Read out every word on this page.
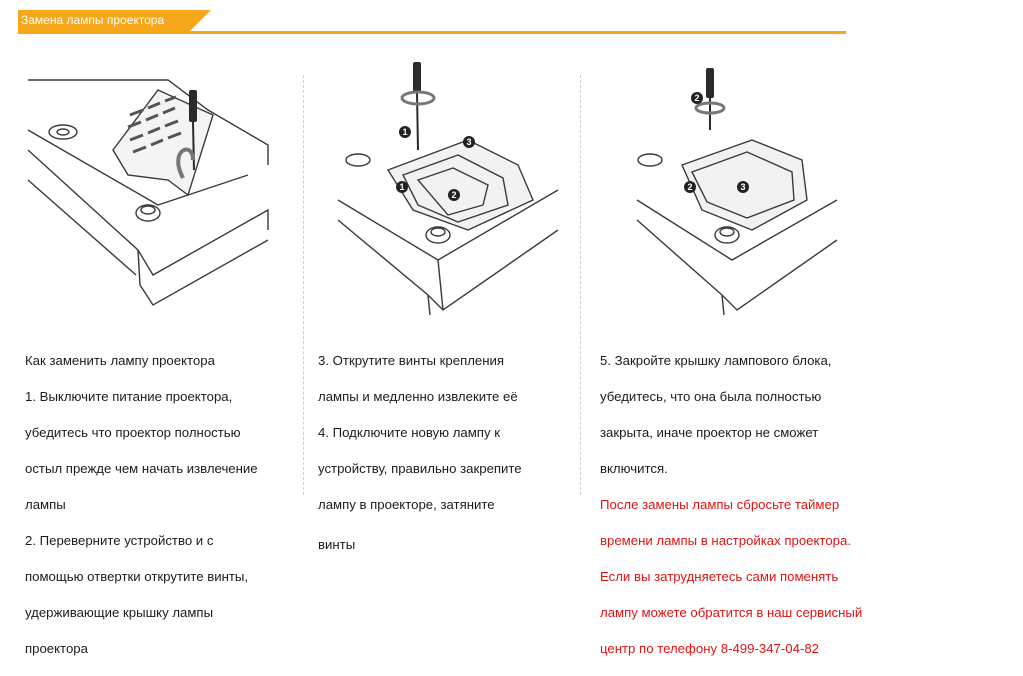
Замена лампы проектора
1
1
2
3
2
2	3

Как заменить лампу проектора

1. Выключите питание проектора,

убедитесь что проектор полностью

остыл прежде чем начать извлечение

лампы

2. Переверните устройство и с

помощью отвертки открутите винты,

удерживающие крышку лампы

проектора

3. Открутите винты крепления

лампы и медленно извлеките её

4. Подключите новую лампу к

устройству, правильно закрепите

лампу в проекторе, затяните

винты

5. Закройте крышку лампового блока,

убедитесь, что она была полностью

закрыта, иначе проектор не сможет

включится.

После замены лампы сбросьте таймер

времени лампы в настройках проектора.

Если вы затрудняетесь сами поменять

лампу можете обратится в наш сервисный

центр по телефону 8-499-347-04-82
